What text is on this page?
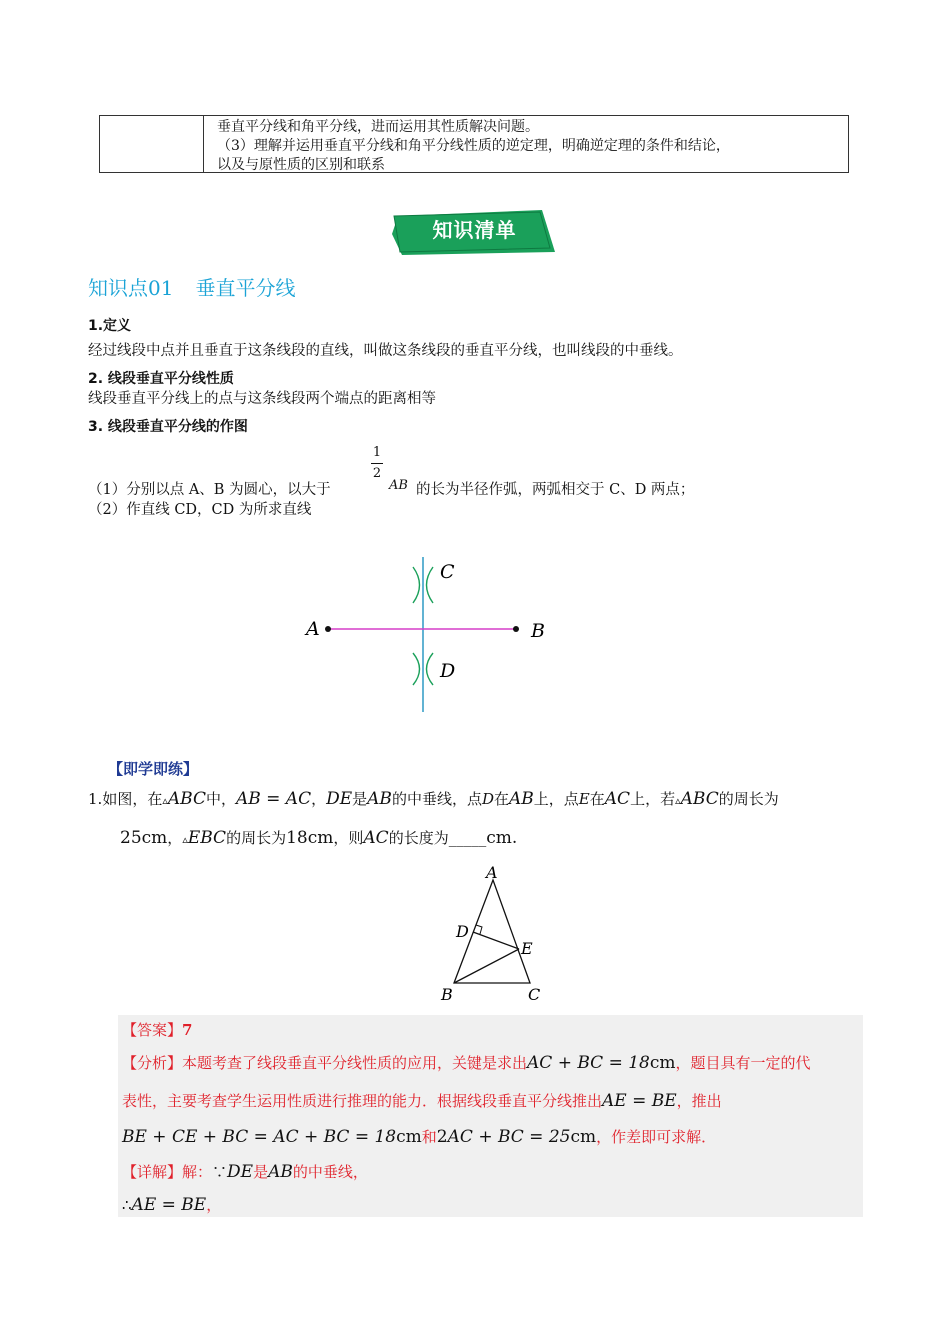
垂直平分线和角平分线，进而运用其性质解决问题。
（3）理解并运用垂直平分线和角平分线性质的逆定理，明确逆定理的条件和结论，
以及与原性质的区别和联系
知识清单
知识点01 垂直平分线
1.定义
经过线段中点并且垂直于这条线段的直线，叫做这条线段的垂直平分线，也叫线段的中垂线。
2. 线段垂直平分线性质
线段垂直平分线上的点与这条线段两个端点的距离相等
3. 线段垂直平分线的作图
（1）分别以点 A、B 为圆心，以大于
1
2
AB 的长为半径作弧，两弧相交于 C、D 两点；
（2）作直线 CD，CD 为所求直线
A	B
C
D
【即学即练】
1.如图，在▵ABC中，AB = AC，DE是AB的中垂线，点D在AB上，点E在AC上，若▵ABC的周长为
25cm，▵EBC的周长为18cm，则AC的长度为_____cm.
A
B	C
D
E
【答案】7
【分析】本题考查了线段垂直平分线性质的应用，关键是求出AC + BC = 18cm，题目具有一定的代
表性，主要考查学生运用性质进行推理的能力．根据线段垂直平分线推出AE = BE，推出
BE + CE + BC = AC + BC = 18cm和2AC + BC = 25cm，作差即可求解．
【详解】解：∵DE是AB的中垂线，
∴AE = BE，
